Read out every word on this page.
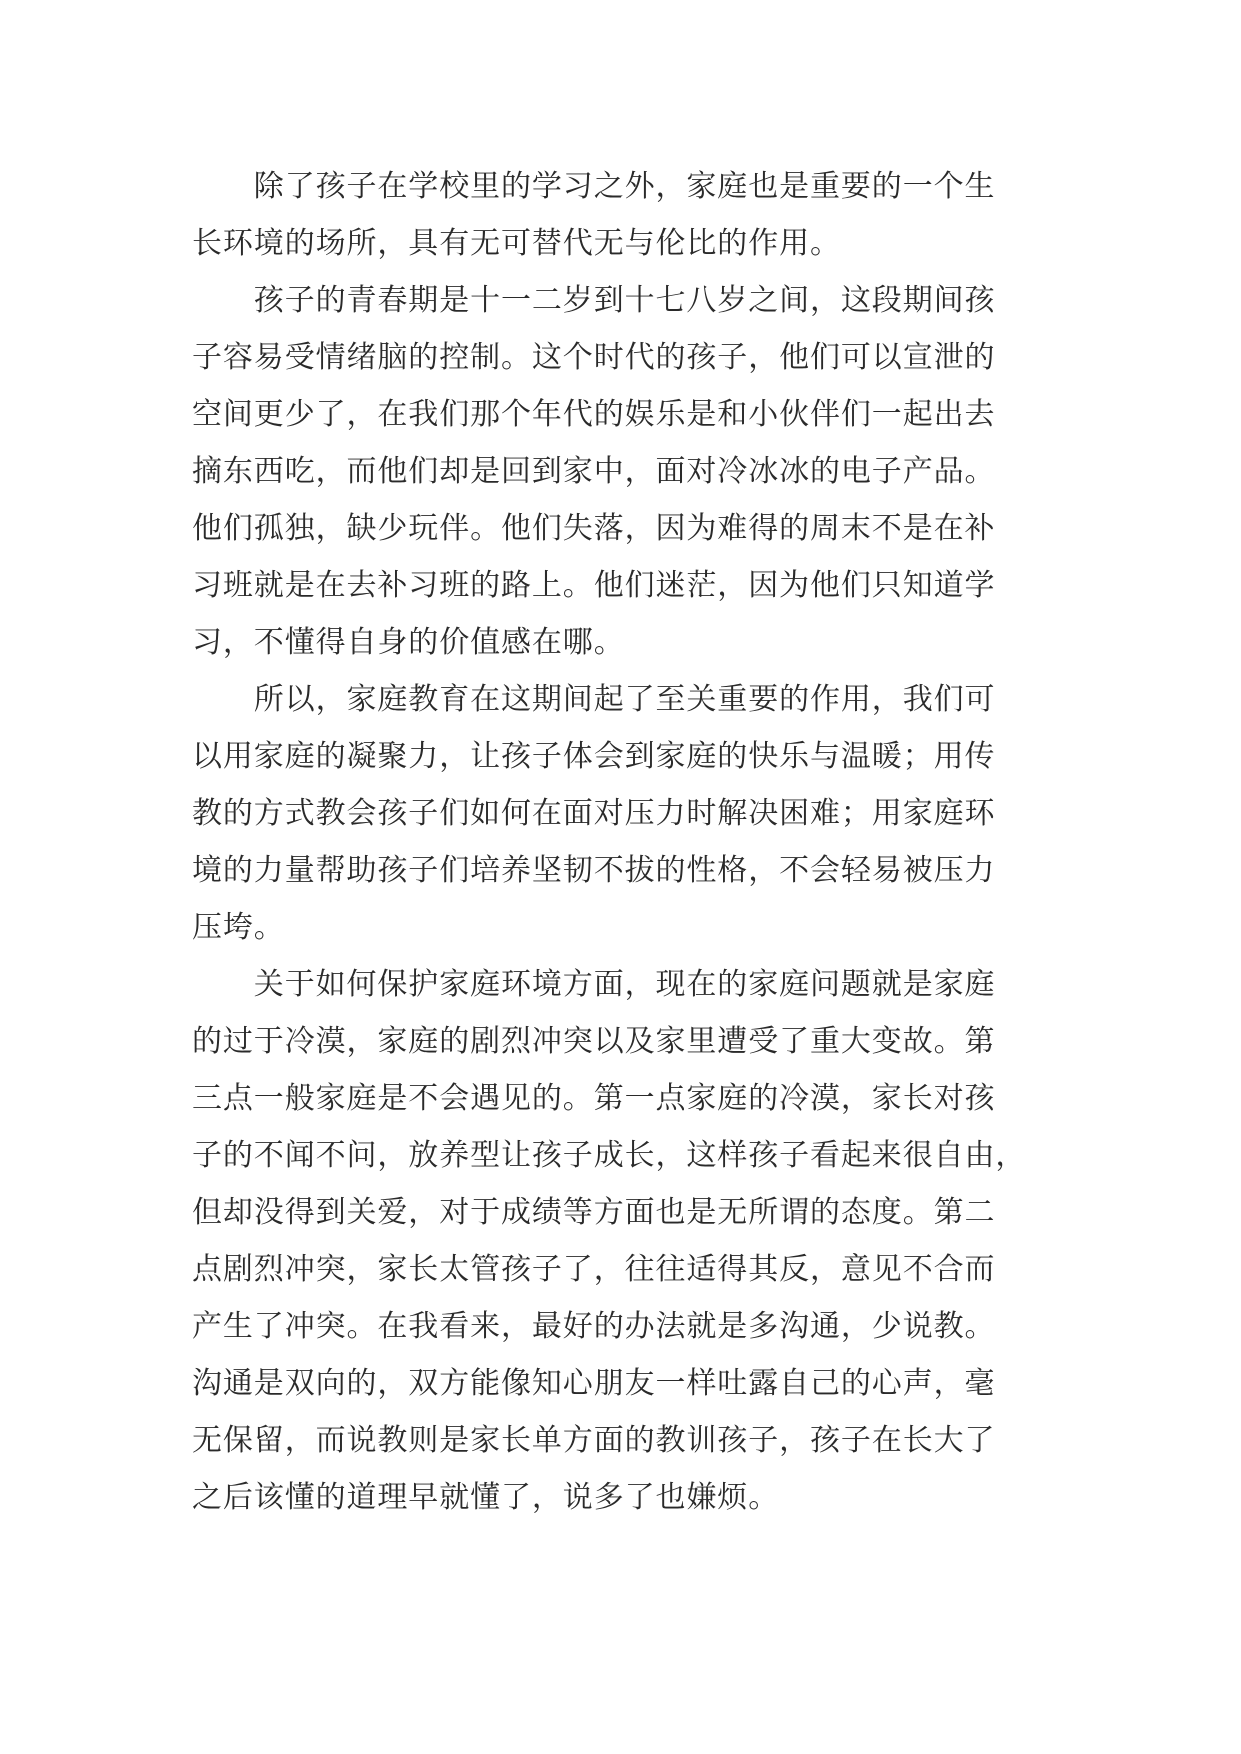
　　除了孩子在学校里的学习之外，家庭也是重要的一个生
长环境的场所，具有无可替代无与伦比的作用。
　　孩子的青春期是十一二岁到十七八岁之间，这段期间孩
子容易受情绪脑的控制。这个时代的孩子，他们可以宣泄的
空间更少了，在我们那个年代的娱乐是和小伙伴们一起出去
摘东西吃，而他们却是回到家中，面对冷冰冰的电子产品。
他们孤独，缺少玩伴。他们失落，因为难得的周末不是在补
习班就是在去补习班的路上。他们迷茫，因为他们只知道学
习，不懂得自身的价值感在哪。
　　所以，家庭教育在这期间起了至关重要的作用，我们可
以用家庭的凝聚力，让孩子体会到家庭的快乐与温暖；用传
教的方式教会孩子们如何在面对压力时解决困难；用家庭环
境的力量帮助孩子们培养坚韧不拔的性格，不会轻易被压力
压垮。
　　关于如何保护家庭环境方面，现在的家庭问题就是家庭
的过于冷漠，家庭的剧烈冲突以及家里遭受了重大变故。第
三点一般家庭是不会遇见的。第一点家庭的冷漠，家长对孩
子的不闻不问，放养型让孩子成长，这样孩子看起来很自由，
但却没得到关爱，对于成绩等方面也是无所谓的态度。第二
点剧烈冲突，家长太管孩子了，往往适得其反，意见不合而
产生了冲突。在我看来，最好的办法就是多沟通，少说教。
沟通是双向的，双方能像知心朋友一样吐露自己的心声，毫
无保留，而说教则是家长单方面的教训孩子，孩子在长大了
之后该懂的道理早就懂了，说多了也嫌烦。
